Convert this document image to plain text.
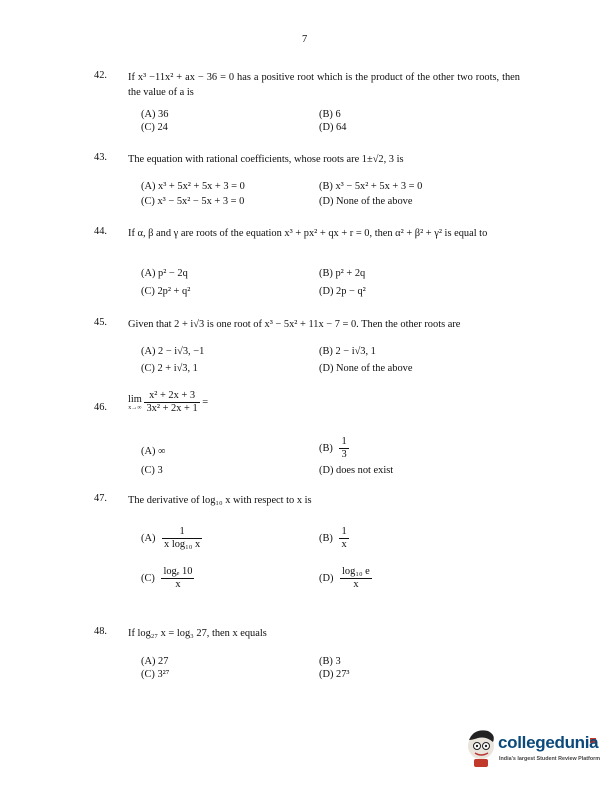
7
42. If x³ −11x² + ax − 36 = 0 has a positive root which is the product of the other two roots, then the value of a is
(A) 36	(B) 6
(C) 24	(D) 64
43. The equation with rational coefficients, whose roots are 1±√2, 3 is
(A) x³ + 5x² + 5x + 3 = 0	(B) x³ − 5x² + 5x + 3 = 0
(C) x³ − 5x² − 5x + 3 = 0	(D) None of the above
44. If α, β and γ are roots of the equation x³ + px² + qx + r = 0, then α² + β² + γ² is equal to
(A) p² − 2q	(B) p² + 2q
(C) 2p² + q²	(D) 2p − q²
45. Given that 2 + i√3 is one root of x³ − 5x² + 11x − 7 = 0. Then the other roots are
(A) 2 − i√3, −1	(B) 2 − i√3, 1
(C) 2 + i√3, 1	(D) None of the above
46.
lim
x→∞
$\frac{\text{x² + 2x + 3}}{\text{3x² + 2x + 1}}$ =
(A) ∞	$(B) \frac{1}{3}$
(C) 3	(D) does not exist
47. The derivative of log₁₀ x with respect to x is
$(A) \frac{1}{\text{x log₁₀ x}}$	$(B) \frac{1}{x}$
$(C) \frac{\text{logₑ 10}}{x}$	$(D) \frac{\text{log₁₀ e}}{x}$
48. If log₂₇ x = log₃ 27, then x equals
(A) 27	(B) 3
(C) 3²⁷	(D) 27³
collegedunia
India's largest Student Review Platform
